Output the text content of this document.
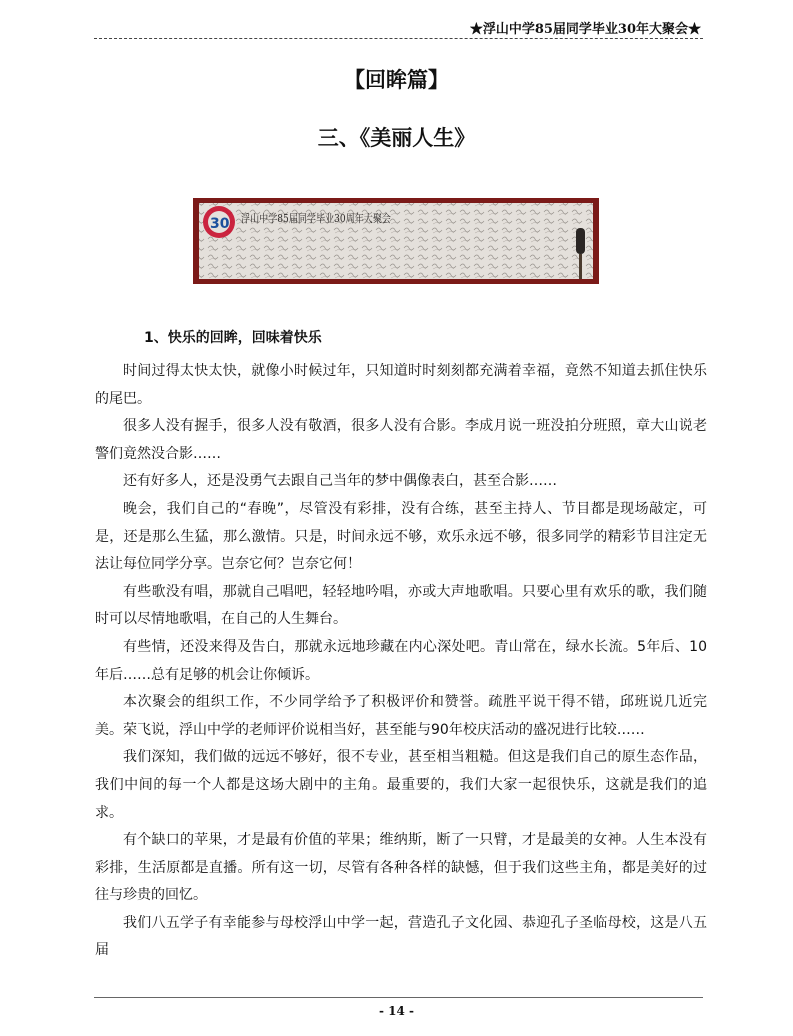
★浮山中学85届同学毕业30年大聚会★
【回眸篇】
三、《美丽人生》
30 浮山中学85届同学毕业30周年大聚会
1、快乐的回眸，回味着快乐

时间过得太快太快，就像小时候过年，只知道时时刻刻都充满着幸福，竟然不知道去抓住快乐的尾巴。

很多人没有握手，很多人没有敬酒，很多人没有合影。李成月说一班没拍分班照，章大山说老警们竟然没合影……

还有好多人，还是没勇气去跟自己当年的梦中偶像表白，甚至合影……

晚会，我们自己的“春晚”，尽管没有彩排，没有合练，甚至主持人、节目都是现场敲定，可是，还是那么生猛，那么激情。只是，时间永远不够，欢乐永远不够，很多同学的精彩节目注定无法让每位同学分享。岂奈它何？岂奈它何！

有些歌没有唱，那就自己唱吧，轻轻地吟唱，亦或大声地歌唱。只要心里有欢乐的歌，我们随时可以尽情地歌唱，在自己的人生舞台。

有些情，还没来得及告白，那就永远地珍藏在内心深处吧。青山常在，绿水长流。5年后、10年后……总有足够的机会让你倾诉。

本次聚会的组织工作，不少同学给予了积极评价和赞誉。疏胜平说干得不错，邱班说几近完美。荣飞说，浮山中学的老师评价说相当好，甚至能与90年校庆活动的盛况进行比较……

我们深知，我们做的远远不够好，很不专业，甚至相当粗糙。但这是我们自己的原生态作品，我们中间的每一个人都是这场大剧中的主角。最重要的，我们大家一起很快乐，这就是我们的追求。

有个缺口的苹果，才是最有价值的苹果；维纳斯，断了一只臂，才是最美的女神。人生本没有彩排，生活原都是直播。所有这一切，尽管有各种各样的缺憾，但于我们这些主角，都是美好的过往与珍贵的回忆。

我们八五学子有幸能参与母校浮山中学一起，营造孔子文化园、恭迎孔子圣临母校，这是八五届

- 14 -
